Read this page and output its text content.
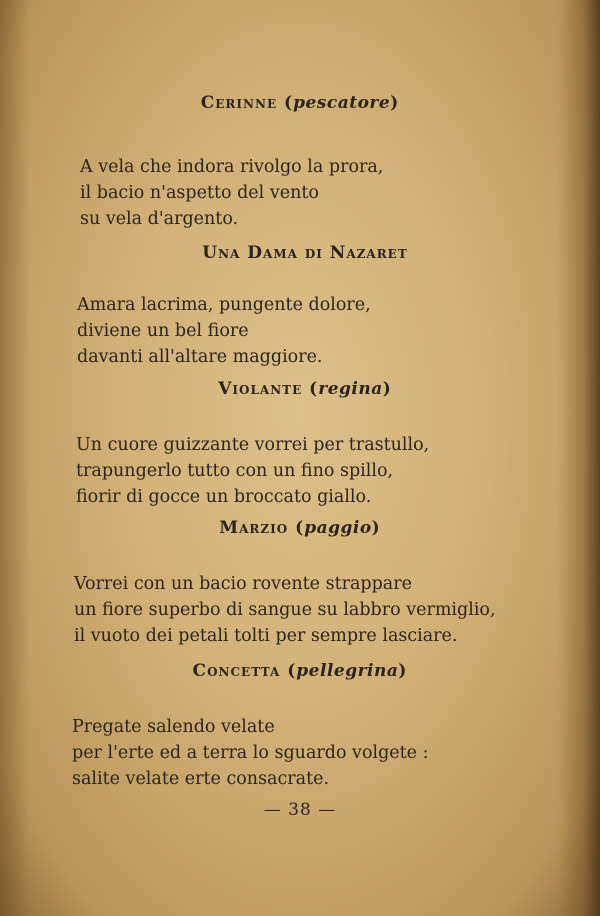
Cerinne (pescatore)
A vela che indora rivolgo la prora,
il bacio n'aspetto del vento
su vela d'argento.
Una Dama di Nazaret
Amara lacrima, pungente dolore,
diviene un bel fiore
davanti all'altare maggiore.
Violante (regina)
Un cuore guizzante vorrei per trastullo,
trapungerlo tutto con un fino spillo,
fiorir di gocce un broccato giallo.
Marzio (paggio)
Vorrei con un bacio rovente strappare
un fiore superbo di sangue su labbro vermiglio,
il vuoto dei petali tolti per sempre lasciare.
Concetta (pellegrina)
Pregate salendo velate
per l'erte ed a terra lo sguardo volgete :
salite velate erte consacrate.
— 38 —
